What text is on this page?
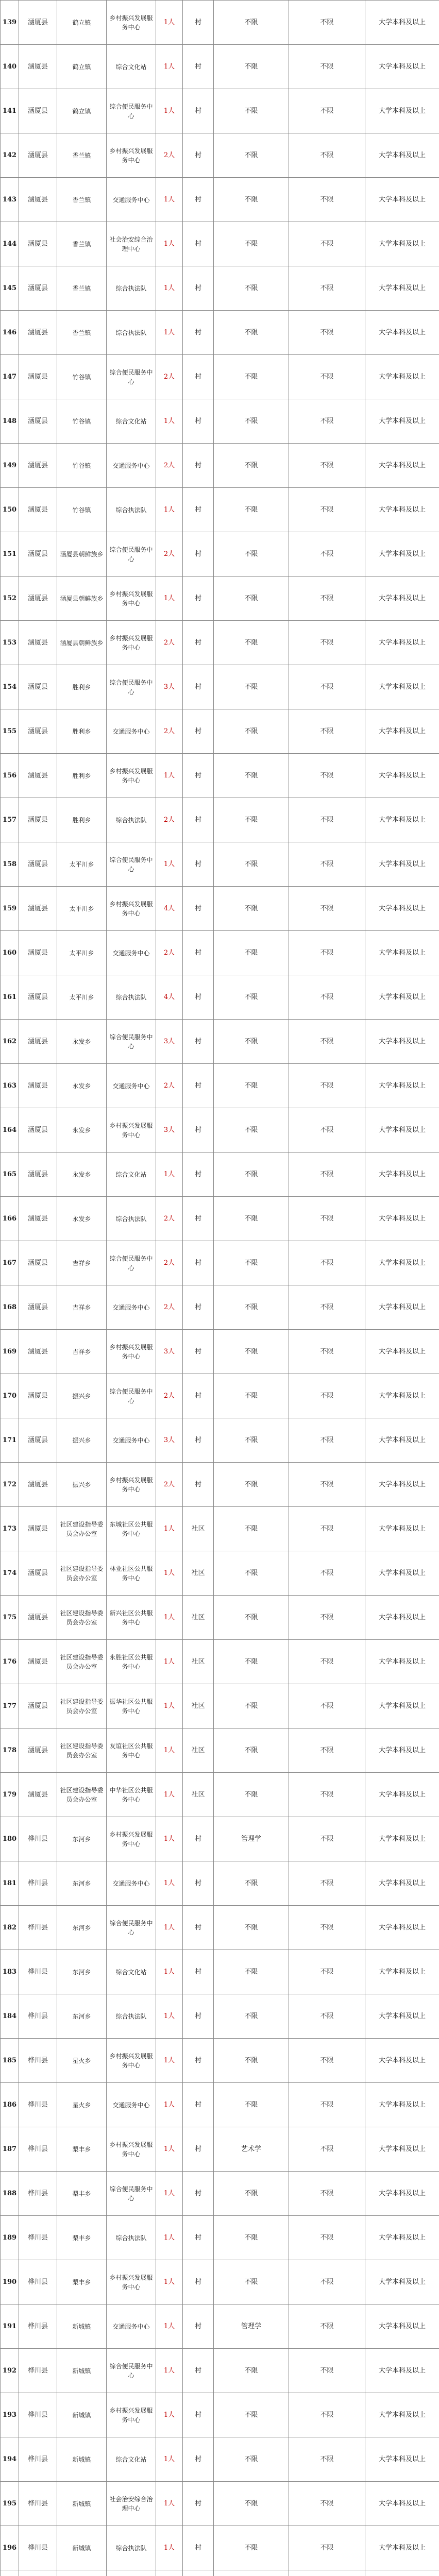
139	涵厦县	鹤立镇	乡村振兴发展服务中心	1人	村	不限	不限	大学本科及以上
140	涵厦县	鹤立镇	综合文化站	1人	村	不限	不限	大学本科及以上
141	涵厦县	鹤立镇	综合便民服务中心	1人	村	不限	不限	大学本科及以上
142	涵厦县	香兰镇	乡村振兴发展服务中心	2人	村	不限	不限	大学本科及以上
143	涵厦县	香兰镇	交通服务中心	1人	村	不限	不限	大学本科及以上
144	涵厦县	香兰镇	社会治安综合治理中心	1人	村	不限	不限	大学本科及以上
145	涵厦县	香兰镇	综合执法队	1人	村	不限	不限	大学本科及以上
146	涵厦县	香兰镇	综合执法队	1人	村	不限	不限	大学本科及以上
147	涵厦县	竹谷镇	综合便民服务中心	2人	村	不限	不限	大学本科及以上
148	涵厦县	竹谷镇	综合文化站	1人	村	不限	不限	大学本科及以上
149	涵厦县	竹谷镇	交通服务中心	2人	村	不限	不限	大学本科及以上
150	涵厦县	竹谷镇	综合执法队	1人	村	不限	不限	大学本科及以上
151	涵厦县	涵厦县朝鲜族乡	综合便民服务中心	2人	村	不限	不限	大学本科及以上
152	涵厦县	涵厦县朝鲜族乡	乡村振兴发展服务中心	1人	村	不限	不限	大学本科及以上
153	涵厦县	涵厦县朝鲜族乡	乡村振兴发展服务中心	2人	村	不限	不限	大学本科及以上
154	涵厦县	胜利乡	综合便民服务中心	3人	村	不限	不限	大学本科及以上
155	涵厦县	胜利乡	交通服务中心	2人	村	不限	不限	大学本科及以上
156	涵厦县	胜利乡	乡村振兴发展服务中心	1人	村	不限	不限	大学本科及以上
157	涵厦县	胜利乡	综合执法队	2人	村	不限	不限	大学本科及以上
158	涵厦县	太平川乡	综合便民服务中心	1人	村	不限	不限	大学本科及以上
159	涵厦县	太平川乡	乡村振兴发展服务中心	4人	村	不限	不限	大学本科及以上
160	涵厦县	太平川乡	交通服务中心	2人	村	不限	不限	大学本科及以上
161	涵厦县	太平川乡	综合执法队	4人	村	不限	不限	大学本科及以上
162	涵厦县	永发乡	综合便民服务中心	3人	村	不限	不限	大学本科及以上
163	涵厦县	永发乡	交通服务中心	2人	村	不限	不限	大学本科及以上
164	涵厦县	永发乡	乡村振兴发展服务中心	3人	村	不限	不限	大学本科及以上
165	涵厦县	永发乡	综合文化站	1人	村	不限	不限	大学本科及以上
166	涵厦县	永发乡	综合执法队	2人	村	不限	不限	大学本科及以上
167	涵厦县	吉祥乡	综合便民服务中心	2人	村	不限	不限	大学本科及以上
168	涵厦县	吉祥乡	交通服务中心	2人	村	不限	不限	大学本科及以上
169	涵厦县	吉祥乡	乡村振兴发展服务中心	3人	村	不限	不限	大学本科及以上
170	涵厦县	振兴乡	综合便民服务中心	2人	村	不限	不限	大学本科及以上
171	涵厦县	振兴乡	交通服务中心	3人	村	不限	不限	大学本科及以上
172	涵厦县	振兴乡	乡村振兴发展服务中心	2人	村	不限	不限	大学本科及以上
173	涵厦县	社区建设指导委员会办公室	东城社区公共服务中心	1人	社区	不限	不限	大学本科及以上
174	涵厦县	社区建设指导委员会办公室	林业社区公共服务中心	1人	社区	不限	不限	大学本科及以上
175	涵厦县	社区建设指导委员会办公室	新兴社区公共服务中心	1人	社区	不限	不限	大学本科及以上
176	涵厦县	社区建设指导委员会办公室	永胜社区公共服务中心	1人	社区	不限	不限	大学本科及以上
177	涵厦县	社区建设指导委员会办公室	振华社区公共服务中心	1人	社区	不限	不限	大学本科及以上
178	涵厦县	社区建设指导委员会办公室	友谊社区公共服务中心	1人	社区	不限	不限	大学本科及以上
179	涵厦县	社区建设指导委员会办公室	中华社区公共服务中心	1人	社区	不限	不限	大学本科及以上
180	桦川县	东河乡	乡村振兴发展服务中心	1人	村	管理学	不限	大学本科及以上
181	桦川县	东河乡	交通服务中心	1人	村	不限	不限	大学本科及以上
182	桦川县	东河乡	综合便民服务中心	1人	村	不限	不限	大学本科及以上
183	桦川县	东河乡	综合文化站	1人	村	不限	不限	大学本科及以上
184	桦川县	东河乡	综合执法队	1人	村	不限	不限	大学本科及以上
185	桦川县	星火乡	乡村振兴发展服务中心	1人	村	不限	不限	大学本科及以上
186	桦川县	星火乡	交通服务中心	1人	村	不限	不限	大学本科及以上
187	桦川县	梨丰乡	乡村振兴发展服务中心	1人	村	艺术学	不限	大学本科及以上
188	桦川县	梨丰乡	综合便民服务中心	1人	村	不限	不限	大学本科及以上
189	桦川县	梨丰乡	综合执法队	1人	村	不限	不限	大学本科及以上
190	桦川县	梨丰乡	乡村振兴发展服务中心	1人	村	不限	不限	大学本科及以上
191	桦川县	新城镇	交通服务中心	1人	村	管理学	不限	大学本科及以上
192	桦川县	新城镇	综合便民服务中心	1人	村	不限	不限	大学本科及以上
193	桦川县	新城镇	乡村振兴发展服务中心	1人	村	不限	不限	大学本科及以上
194	桦川县	新城镇	综合文化站	1人	村	不限	不限	大学本科及以上
195	桦川县	新城镇	社会治安综合治理中心	1人	村	不限	不限	大学本科及以上
196	桦川县	新城镇	综合执法队	1人	村	不限	不限	大学本科及以上
